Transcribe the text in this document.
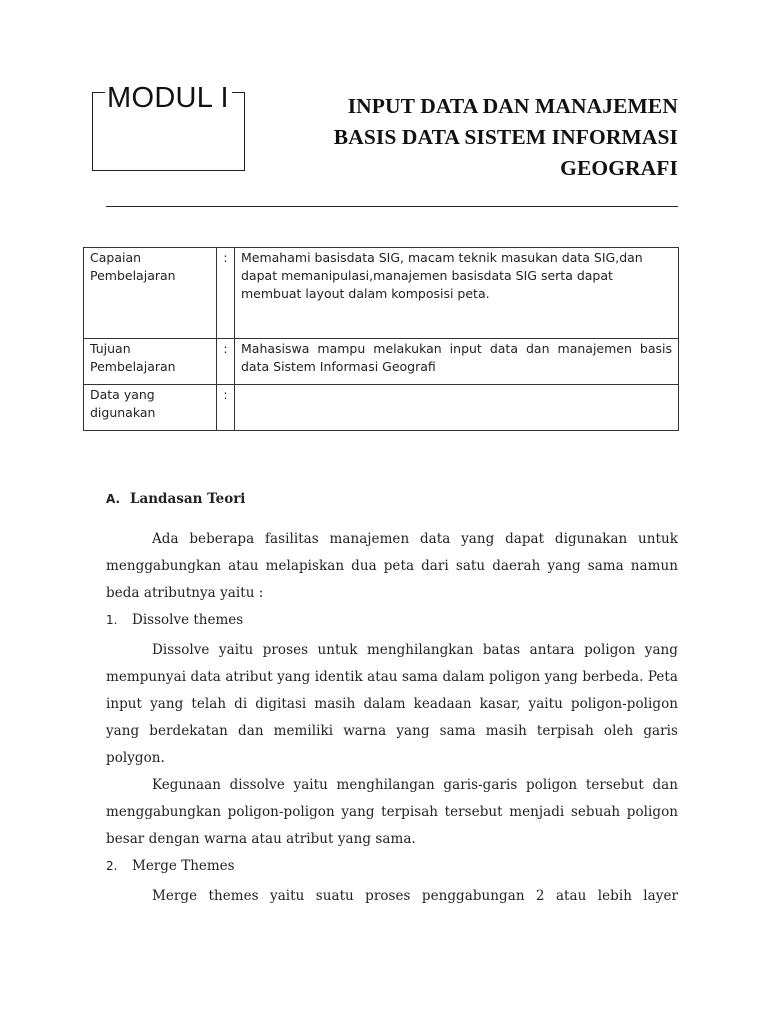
MODUL I	INPUT DATA DAN MANAJEMEN
BASIS DATA SISTEM INFORMASI
GEOGRAFI
Capaian Pembelajaran	:	Memahami basisdata SIG, macam teknik masukan data SIG,dan dapat memanipulasi,manajemen basisdata SIG serta dapat membuat layout dalam komposisi peta.
Tujuan Pembelajaran	:	Mahasiswa mampu melakukan input data dan manajemen basis data Sistem Informasi Geografi
Data yang digunakan	:	
A. Landasan Teori

Ada beberapa fasilitas manajemen data yang dapat digunakan untuk menggabungkan atau melapiskan dua peta dari satu daerah yang sama namun beda atributnya yaitu :

1. Dissolve themes

Dissolve yaitu proses untuk menghilangkan batas antara poligon yang mempunyai data atribut yang identik atau sama dalam poligon yang berbeda. Peta input yang telah di digitasi masih dalam keadaan kasar, yaitu poligon-poligon yang berdekatan dan memiliki warna yang sama masih terpisah oleh garis polygon.

Kegunaan dissolve yaitu menghilangan garis-garis poligon tersebut dan menggabungkan poligon-poligon yang terpisah tersebut menjadi sebuah poligon besar dengan warna atau atribut yang sama.

2. Merge Themes

Merge themes yaitu suatu proses penggabungan 2 atau lebih layer
